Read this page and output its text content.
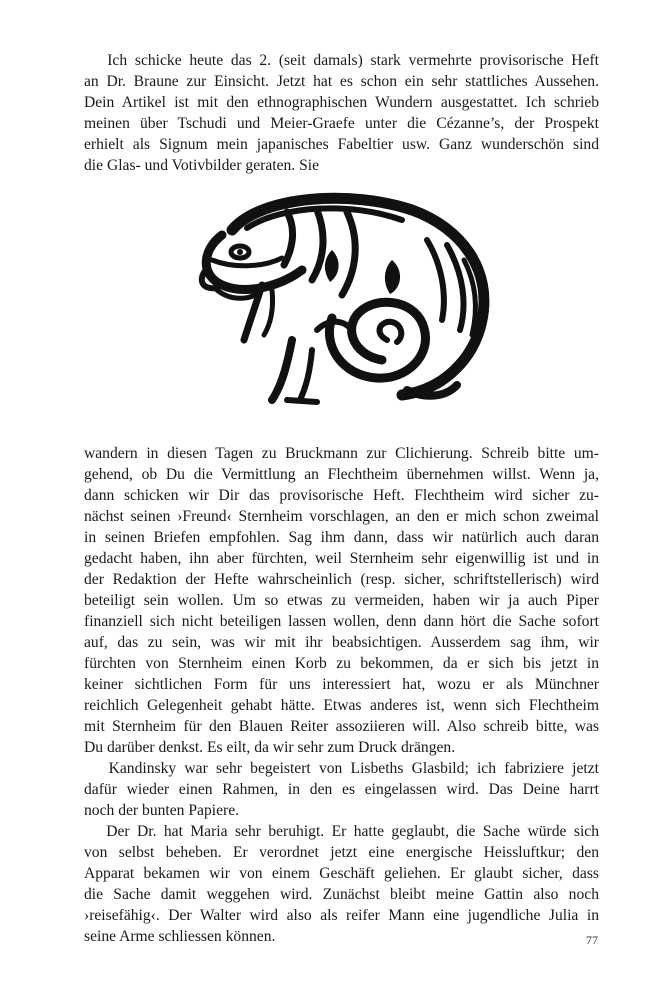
Ich schicke heute das 2. (seit damals) stark vermehrte provisorische Heft
an Dr. Braune zur Einsicht. Jetzt hat es schon ein sehr stattliches Aussehen.
Dein Artikel ist mit den ethnographischen Wundern ausgestattet. Ich schrieb
meinen über Tschudi und Meier-Graefe unter die Cézanne’s, der Prospekt
erhielt als Signum mein japanisches Fabeltier usw. Ganz wunderschön sind
die Glas- und Votivbilder geraten. Sie
wandern in diesen Tagen zu Bruckmann zur Clichierung. Schreib bitte um-
gehend, ob Du die Vermittlung an Flechtheim übernehmen willst. Wenn ja,
dann schicken wir Dir das provisorische Heft. Flechtheim wird sicher zu-
nächst seinen ›Freund‹ Sternheim vorschlagen, an den er mich schon zweimal
in seinen Briefen empfohlen. Sag ihm dann, dass wir natürlich auch daran
gedacht haben, ihn aber fürchten, weil Sternheim sehr eigenwillig ist und in
der Redaktion der Hefte wahrscheinlich (resp. sicher, schriftstellerisch) wird
beteiligt sein wollen. Um so etwas zu vermeiden, haben wir ja auch Piper
finanziell sich nicht beteiligen lassen wollen, denn dann hört die Sache sofort
auf, das zu sein, was wir mit ihr beabsichtigen. Ausserdem sag ihm, wir
fürchten von Sternheim einen Korb zu bekommen, da er sich bis jetzt in
keiner sichtlichen Form für uns interessiert hat, wozu er als Münchner
reichlich Gelegenheit gehabt hätte. Etwas anderes ist, wenn sich Flechtheim
mit Sternheim für den Blauen Reiter assoziieren will. Also schreib bitte, was
Du darüber denkst. Es eilt, da wir sehr zum Druck drängen.
Kandinsky war sehr begeistert von Lisbeths Glasbild; ich fabriziere jetzt
dafür wieder einen Rahmen, in den es eingelassen wird. Das Deine harrt
noch der bunten Papiere.
Der Dr. hat Maria sehr beruhigt. Er hatte geglaubt, die Sache würde sich
von selbst beheben. Er verordnet jetzt eine energische Heissluftkur; den
Apparat bekamen wir von einem Geschäft geliehen. Er glaubt sicher, dass
die Sache damit weggehen wird. Zunächst bleibt meine Gattin also noch
›reisefähig‹. Der Walter wird also als reifer Mann eine jugendliche Julia in
seine Arme schliessen können.	77
